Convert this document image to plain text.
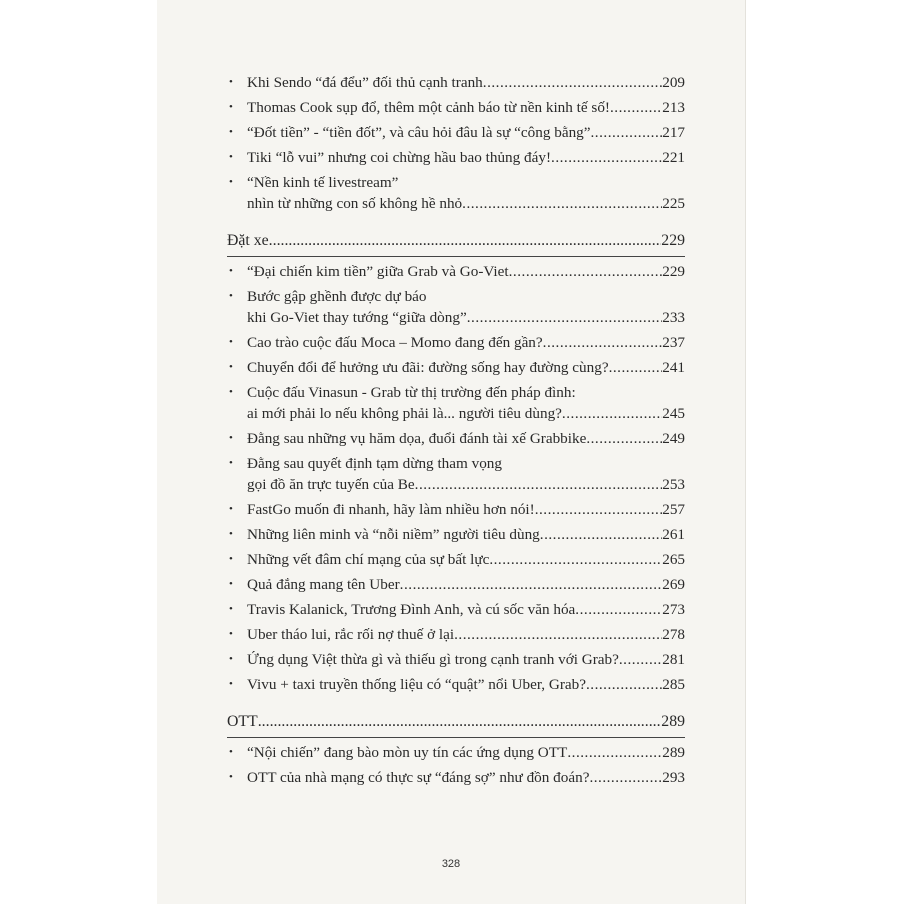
• Khi Sendo “đá đểu” đối thủ cạnh tranh .....	209
• Thomas Cook sụp đổ, thêm một cảnh báo từ nền kinh tế số! .....	213
• “Đốt tiền” - “tiền đốt”, và câu hỏi đâu là sự “công bằng” .....	217
• Tiki “lỗ vui” nhưng coi chừng hầu bao thủng đáy! .....	221
• “Nền kinh tế livestream”
nhìn từ những con số không hề nhỏ .....	225
Đặt xe .....	229
• “Đại chiến kim tiền” giữa Grab và Go-Viet .....	229
• Bước gập ghềnh được dự báo
khi Go-Viet thay tướng “giữa dòng” .....	233
• Cao trào cuộc đấu Moca – Momo đang đến gần? .....	237
• Chuyển đổi để hưởng ưu đãi: đường sống hay đường cùng? .....	241
• Cuộc đấu Vinasun - Grab từ thị trường đến pháp đình:
ai mới phải lo nếu không phải là... người tiêu dùng? .....	245
• Đằng sau những vụ hăm dọa, đuổi đánh tài xế Grabbike .....	249
• Đằng sau quyết định tạm dừng tham vọng
gọi đồ ăn trực tuyến của Be .....	253
• FastGo muốn đi nhanh, hãy làm nhiều hơn nói! .....	257
• Những liên minh và “nỗi niềm” người tiêu dùng .....	261
• Những vết đâm chí mạng của sự bất lực .....	265
• Quả đắng mang tên Uber .....	269
• Travis Kalanick, Trương Đình Anh, và cú sốc văn hóa .....	273
• Uber tháo lui, rắc rối nợ thuế ở lại .....	278
• Ứng dụng Việt thừa gì và thiếu gì trong cạnh tranh với Grab? .....	281
• Vivu + taxi truyền thống liệu có “quật” nổi Uber, Grab? .....	285
OTT .....	289
• “Nội chiến” đang bào mòn uy tín các ứng dụng OTT .....	289
• OTT của nhà mạng có thực sự “đáng sợ” như đồn đoán? .....	293
328
